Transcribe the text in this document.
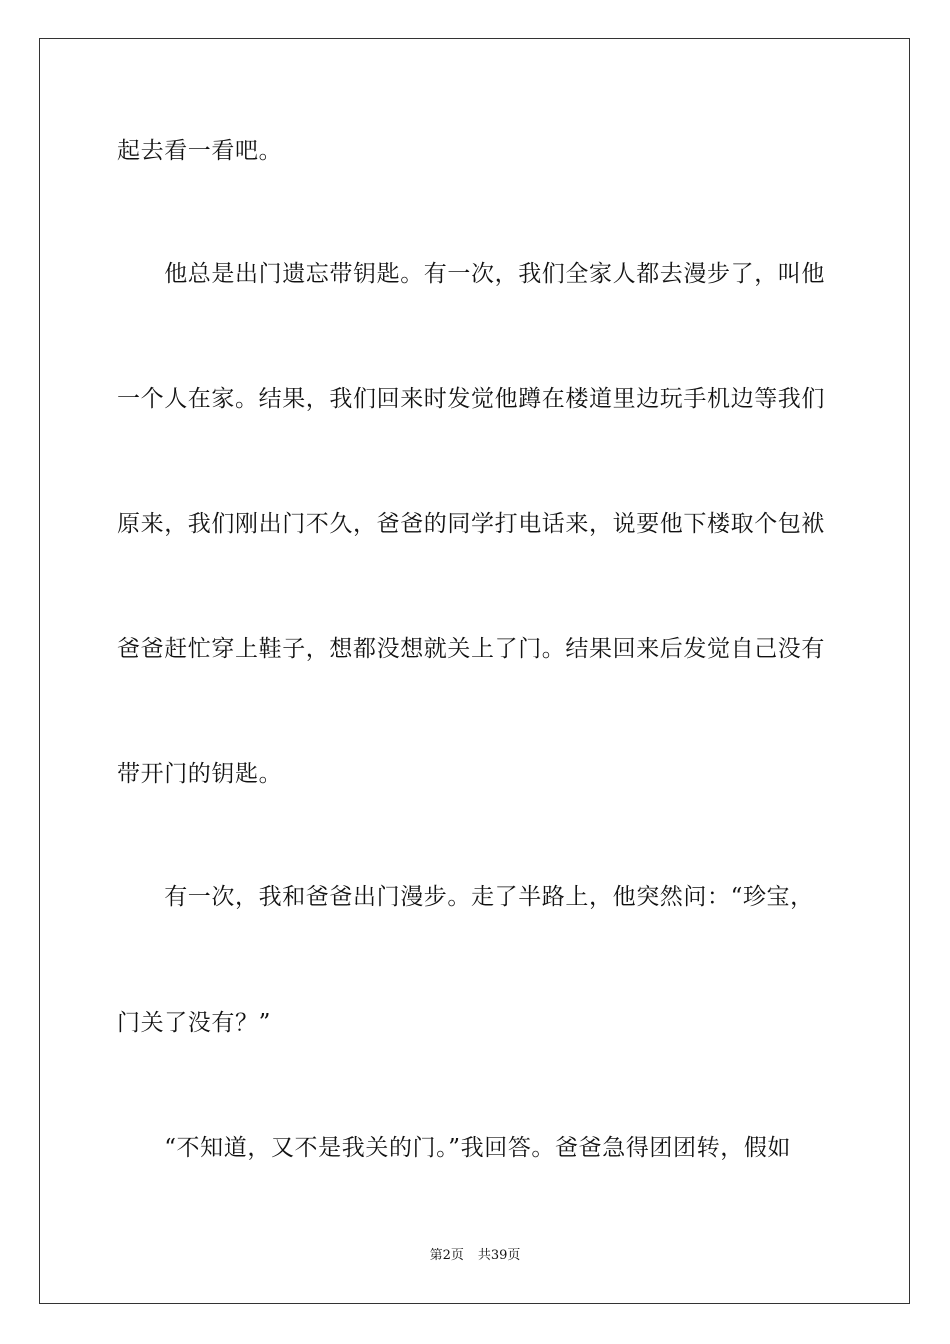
起去看一看吧。
　　他总是出门遗忘带钥匙。有一次，我们全家人都去漫步了，叫他
一个人在家。结果，我们回来时发觉他蹲在楼道里边玩手机边等我们
原来，我们刚出门不久，爸爸的同学打电话来，说要他下楼取个包袱
爸爸赶忙穿上鞋子，想都没想就关上了门。结果回来后发觉自己没有
带开门的钥匙。
　　有一次，我和爸爸出门漫步。走了半路上，他突然问：“珍宝，
门关了没有？”
　　“不知道，又不是我关的门。”我回答。爸爸急得团团转，假如
第2页 共39页
